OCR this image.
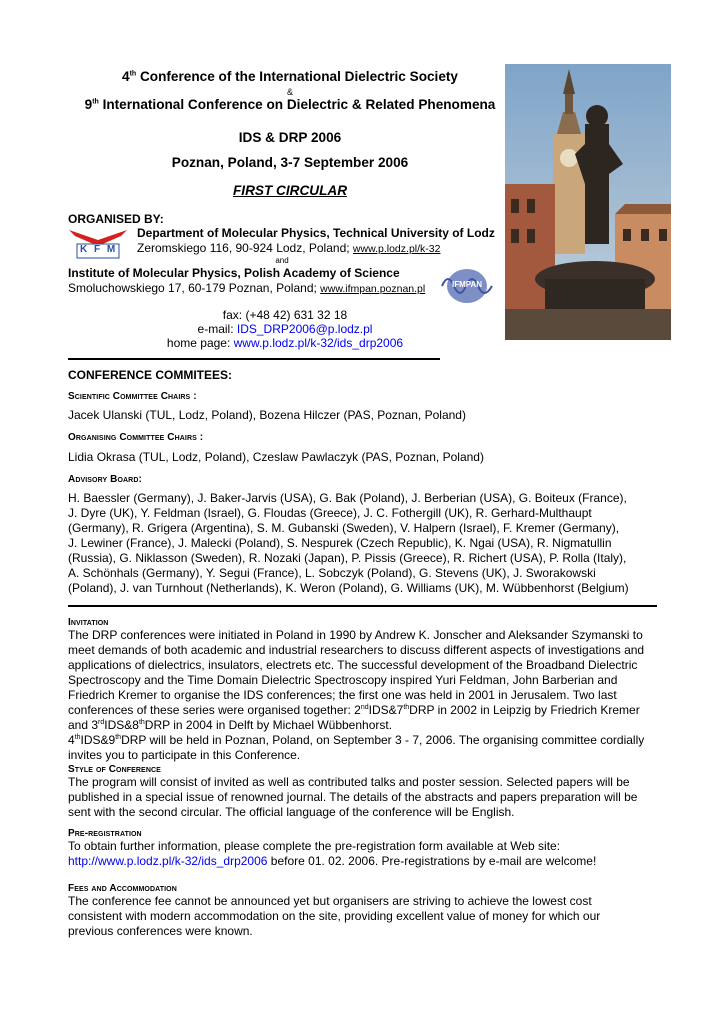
4th Conference of the International Dielectric Society
&
9th International Conference on Dielectric & Related Phenomena
IDS & DRP 2006
Poznan, Poland, 3-7 September 2006
FIRST CIRCULAR
ORGANISED BY:
K F M
Department of Molecular Physics, Technical University of Lodz
Zeromskiego 116, 90-924 Lodz, Poland; www.p.lodz.pl/k-32
and
Institute of Molecular Physics, Polish Academy of Science
Smoluchowskiego 17, 60-179 Poznan, Poland; www.ifmpan.poznan.pl	IFMPAN
fax: (+48 42) 631 32 18
e-mail: IDS_DRP2006@p.lodz.pl
home page: www.p.lodz.pl/k-32/ids_drp2006
CONFERENCE COMMITEES:
Scientific Committee Chairs :
Jacek Ulanski (TUL, Lodz, Poland), Bozena Hilczer (PAS, Poznan, Poland)
Organising Committee Chairs :
Lidia Okrasa (TUL, Lodz, Poland), Czeslaw Pawlaczyk (PAS, Poznan, Poland)
Advisory Board:
H. Baessler (Germany), J. Baker-Jarvis (USA), G. Bak (Poland), J. Berberian (USA), G. Boiteux (France),
J. Dyre (UK), Y. Feldman (Israel), G. Floudas (Greece), J. C. Fothergill (UK), R. Gerhard-Multhaupt
(Germany), R. Grigera (Argentina), S. M. Gubanski (Sweden), V. Halpern (Israel), F. Kremer (Germany),
J. Lewiner (France), J. Malecki (Poland), S. Nespurek (Czech Republic), K. Ngai (USA), R. Nigmatullin
(Russia), G. Niklasson (Sweden), R. Nozaki (Japan), P. Pissis (Greece), R. Richert (USA), P. Rolla (Italy),
A. Schönhals (Germany), Y. Segui (France), L. Sobczyk (Poland), G. Stevens (UK), J. Sworakowski
(Poland), J. van Turnhout (Netherlands), K. Weron (Poland), G. Williams (UK), M. Wübbenhorst (Belgium)
Invitation
The DRP conferences were initiated in Poland in 1990 by Andrew K. Jonscher and Aleksander Szymanski to
meet demands of both academic and industrial researchers to discuss different aspects of investigations and
applications of dielectrics, insulators, electrets etc. The successful development of the Broadband Dielectric
Spectroscopy and the Time Domain Dielectric Spectroscopy inspired Yuri Feldman, John Barberian and
Friedrich Kremer to organise the IDS conferences; the first one was held in 2001 in Jerusalem. Two last
conferences of these series were organised together: 2ndIDS&7thDRP in 2002 in Leipzig by Friedrich Kremer
and 3rdIDS&8thDRP in 2004 in Delft by Michael Wübbenhorst.
4thIDS&9thDRP will be held in Poznan, Poland, on September 3 - 7, 2006. The organising committee cordially
invites you to participate in this Conference.
Style of Conference
The program will consist of invited as well as contributed talks and poster session. Selected papers will be
published in a special issue of renowned journal. The details of the abstracts and papers preparation will be
sent with the second circular. The official language of the conference will be English.
Pre-registration
To obtain further information, please complete the pre-registration form available at Web site:
http://www.p.lodz.pl/k-32/ids_drp2006 before 01. 02. 2006. Pre-registrations by e-mail are welcome!
Fees and Accommodation
The conference fee cannot be announced yet but organisers are striving to achieve the lowest cost
consistent with modern accommodation on the site, providing excellent value of money for which our
previous conferences were known.
